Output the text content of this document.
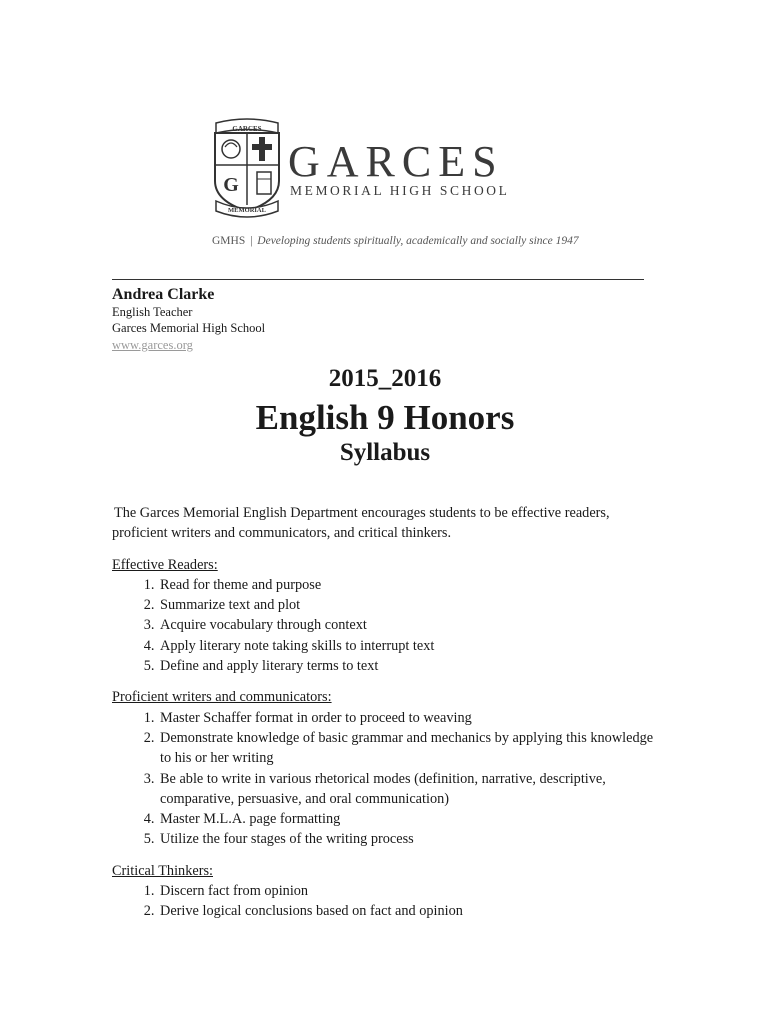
GARCES
G
MEMORIAL
GARCES
MEMORIAL HIGH SCHOOL
GMHS | Developing students spiritually, academically and socially since 1947
Andrea Clarke
English Teacher
Garces Memorial High School
www.garces.org
2015_2016
English 9 Honors
Syllabus

The Garces Memorial English Department encourages students to be effective readers, proficient writers and communicators, and critical thinkers.

Effective Readers:

1. Read for theme and purpose
2. Summarize text and plot
3. Acquire vocabulary through context
4. Apply literary note taking skills to interrupt text
5. Define and apply literary terms to text

Proficient writers and communicators:

1. Master Schaffer format in order to proceed to weaving
2. Demonstrate knowledge of basic grammar and mechanics by applying this knowledge to his or her writing
3. Be able to write in various rhetorical modes (definition, narrative, descriptive, comparative, persuasive, and oral communication)
4. Master M.L.A. page formatting
5. Utilize the four stages of the writing process

Critical Thinkers:

1. Discern fact from opinion
2. Derive logical conclusions based on fact and opinion
